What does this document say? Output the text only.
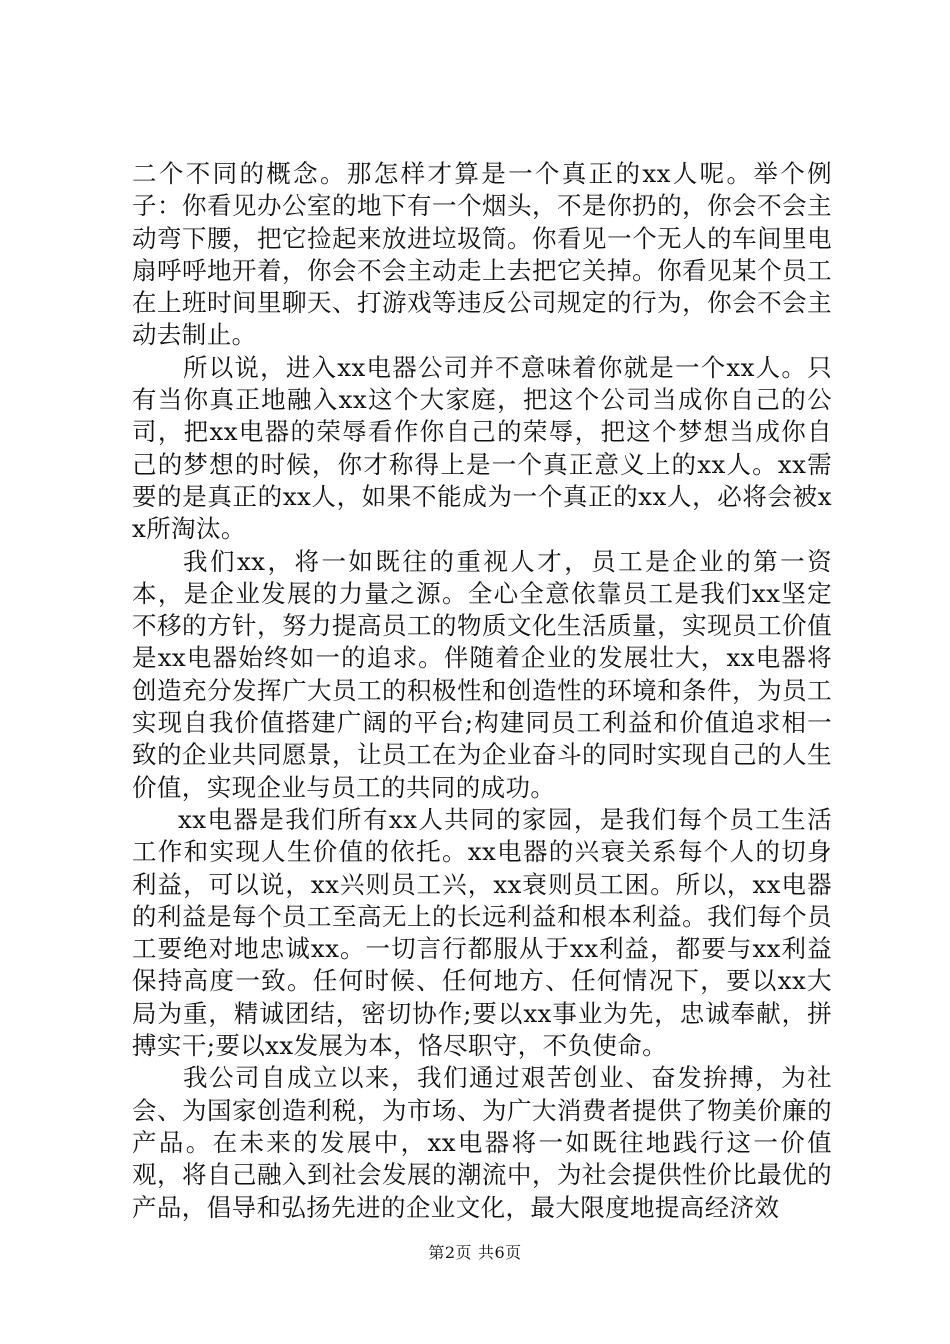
二个不同的概念。那怎样才算是一个真正的xx人呢。举个例子：你看见办公室的地下有一个烟头，不是你扔的，你会不会主动弯下腰，把它捡起来放进垃圾筒。你看见一个无人的车间里电扇呼呼地开着，你会不会主动走上去把它关掉。你看见某个员工在上班时间里聊天、打游戏等违反公司规定的行为，你会不会主动去制止。

所以说，进入xx电器公司并不意味着你就是一个xx人。只有当你真正地融入xx这个大家庭，把这个公司当成你自己的公司，把xx电器的荣辱看作你自己的荣辱，把这个梦想当成你自己的梦想的时候，你才称得上是一个真正意义上的xx人。xx需要的是真正的xx人，如果不能成为一个真正的xx人，必将会被xx所淘汰。

我们xx，将一如既往的重视人才，员工是企业的第一资本，是企业发展的力量之源。全心全意依靠员工是我们xx坚定不移的方针，努力提高员工的物质文化生活质量，实现员工价值是xx电器始终如一的追求。伴随着企业的发展壮大，xx电器将创造充分发挥广大员工的积极性和创造性的环境和条件，为员工实现自我价值搭建广阔的平台;构建同员工利益和价值追求相一致的企业共同愿景，让员工在为企业奋斗的同时实现自己的人生价值，实现企业与员工的共同的成功。

xx电器是我们所有xx人共同的家园，是我们每个员工生活工作和实现人生价值的依托。xx电器的兴衰关系每个人的切身利益，可以说，xx兴则员工兴，xx衰则员工困。所以，xx电器的利益是每个员工至高无上的长远利益和根本利益。我们每个员工要绝对地忠诚xx。一切言行都服从于xx利益，都要与xx利益保持高度一致。任何时候、任何地方、任何情况下，要以xx大局为重，精诚团结，密切协作;要以xx事业为先，忠诚奉献，拼搏实干;要以xx发展为本，恪尽职守，不负使命。

我公司自成立以来，我们通过艰苦创业、奋发拚搏，为社会、为国家创造利税，为市场、为广大消费者提供了物美价廉的产品。在未来的发展中，xx电器将一如既往地践行这一价值观，将自己融入到社会发展的潮流中，为社会提供性价比最优的产品，倡导和弘扬先进的企业文化，最大限度地提高经济效

第2页 共6页
